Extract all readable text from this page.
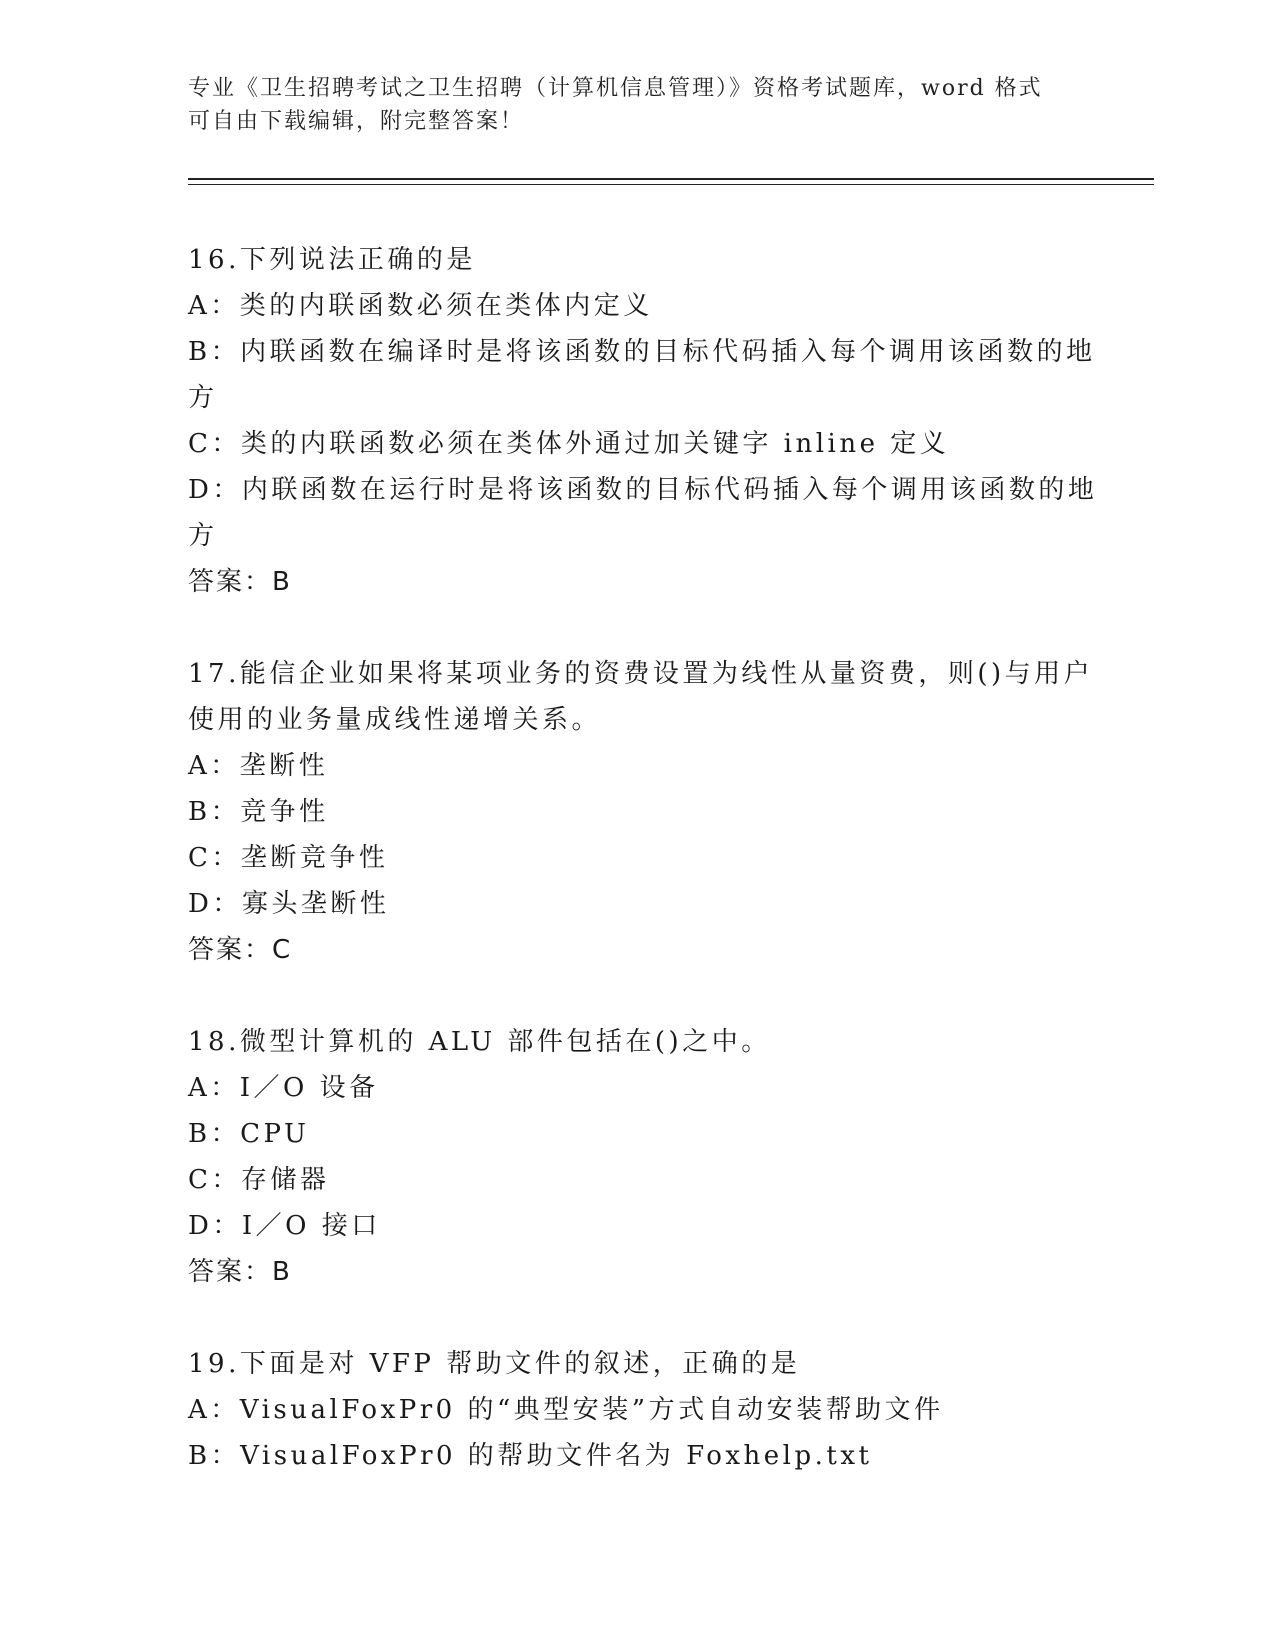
专业《卫生招聘考试之卫生招聘（计算机信息管理）》资格考试题库，word 格式
可自由下载编辑，附完整答案！
16.下列说法正确的是
A：类的内联函数必须在类体内定义
B：内联函数在编译时是将该函数的目标代码插入每个调用该函数的地
方
C：类的内联函数必须在类体外通过加关键字 inline 定义
D：内联函数在运行时是将该函数的目标代码插入每个调用该函数的地
方
答案：B
17.能信企业如果将某项业务的资费设置为线性从量资费，则()与用户
使用的业务量成线性递增关系。
A：垄断性
B：竞争性
C：垄断竞争性
D：寡头垄断性
答案：C
18.微型计算机的 ALU 部件包括在()之中。
A：I／O 设备
B：CPU
C：存储器
D：I／O 接口
答案：B
19.下面是对 VFP 帮助文件的叙述，正确的是
A：VisualFoxPr0 的“典型安装”方式自动安装帮助文件
B：VisualFoxPr0 的帮助文件名为 Foxhelp.txt
